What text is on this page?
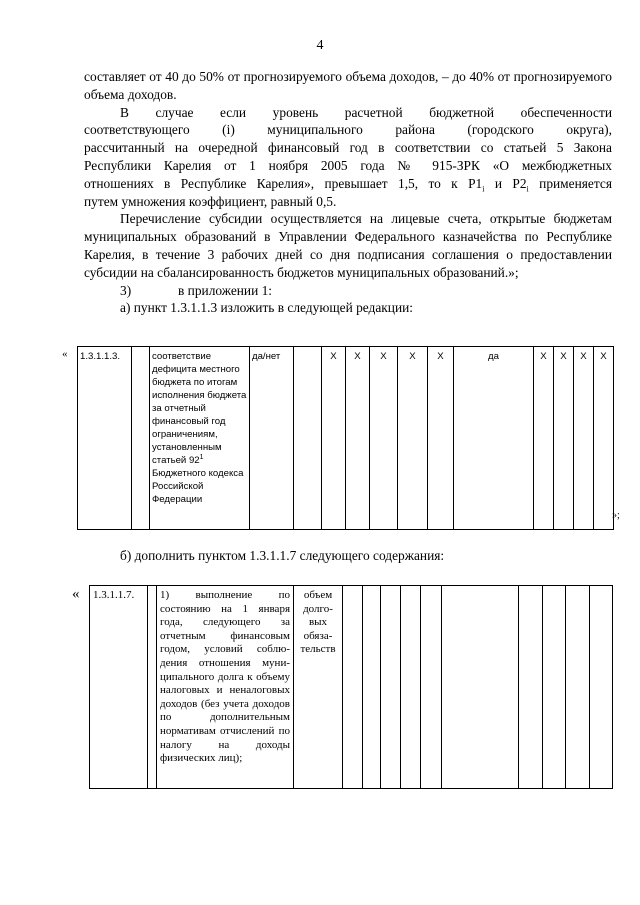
4

составляет от 40 до 50% от прогнозируемого объема доходов, – до 40% от прогнозируемого объема доходов.

В случае если уровень расчетной бюджетной обеспеченности

соответствующего (i) муниципального района (городского округа),

рассчитанный на очередной финансовый год в соответствии со статьей 5 Закона

Республики Карелия от 1 ноября 2005 года № 915-ЗРК «О межбюджетных

отношениях в Республике Карелия», превышает 1,5, то к $P1_i$ и $P2_i$ применяется

путем умножения коэффициент, равный 0,5.

Перечисление субсидии осуществляется на лицевые счета, открытые бюджетам муниципальных образований в Управлении Федерального казначейства по Республике Карелия, в течение 3 рабочих дней со дня подписания соглашения о предоставлении субсидии на сбалансированность бюджетов муниципальных образований.»;

3)	в приложении 1:

а) пункт 1.3.1.1.3 изложить в следующей редакции:

« 1.3.1.1.3.		соответствие дефицита местного бюджета по итогам исполнения бюджета за отчетный финансовый год ограничениям, установленным статьей $92^1$ Бюджетного кодекса Российской Федерации	да/нет		X	X	X	X	X	да	X	X	X	X
»;
б) дополнить пунктом 1.3.1.1.7 следующего содержания:
« 1.3.1.1.7.		1) выполнение по состоянию на 1 января года, следующего за отчетным финансовым годом, условий соблюдения отношения муниципального долга к объему налоговых и неналоговых доходов (без учета доходов по дополнительным нормативам отчислений по налогу на доходы физических лиц);	объем долговых обязательств										
